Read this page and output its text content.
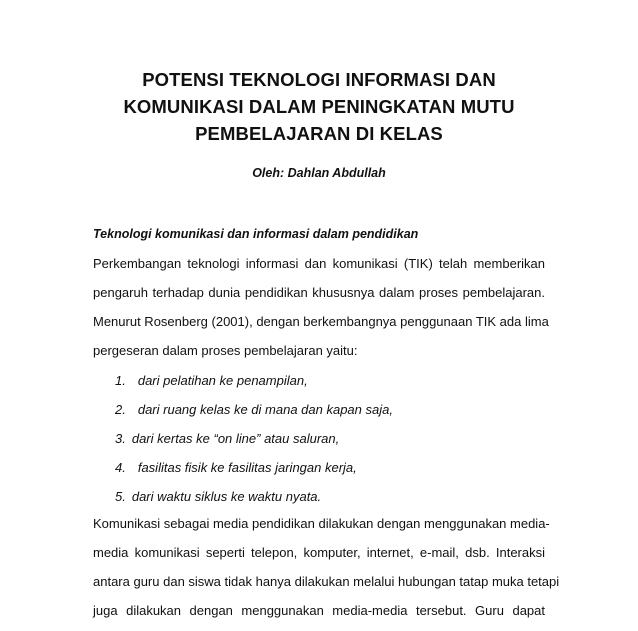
POTENSI TEKNOLOGI INFORMASI DAN
KOMUNIKASI DALAM PENINGKATAN MUTU
PEMBELAJARAN DI KELAS
Oleh: Dahlan Abdullah
Teknologi komunikasi dan informasi dalam pendidikan
Perkembangan teknologi informasi dan komunikasi (TIK) telah memberikan
pengaruh terhadap dunia pendidikan khususnya dalam proses pembelajaran.
Menurut Rosenberg (2001), dengan berkembangnya penggunaan TIK ada lima
pergeseran dalam proses pembelajaran yaitu:
1. dari pelatihan ke penampilan,
2. dari ruang kelas ke di mana dan kapan saja,
3. dari kertas ke “on line” atau saluran,
4. fasilitas fisik ke fasilitas jaringan kerja,
5. dari waktu siklus ke waktu nyata.
Komunikasi sebagai media pendidikan dilakukan dengan menggunakan media-
media komunikasi seperti telepon, komputer, internet, e-mail, dsb. Interaksi
antara guru dan siswa tidak hanya dilakukan melalui hubungan tatap muka tetapi
juga dilakukan dengan menggunakan media-media tersebut. Guru dapat
